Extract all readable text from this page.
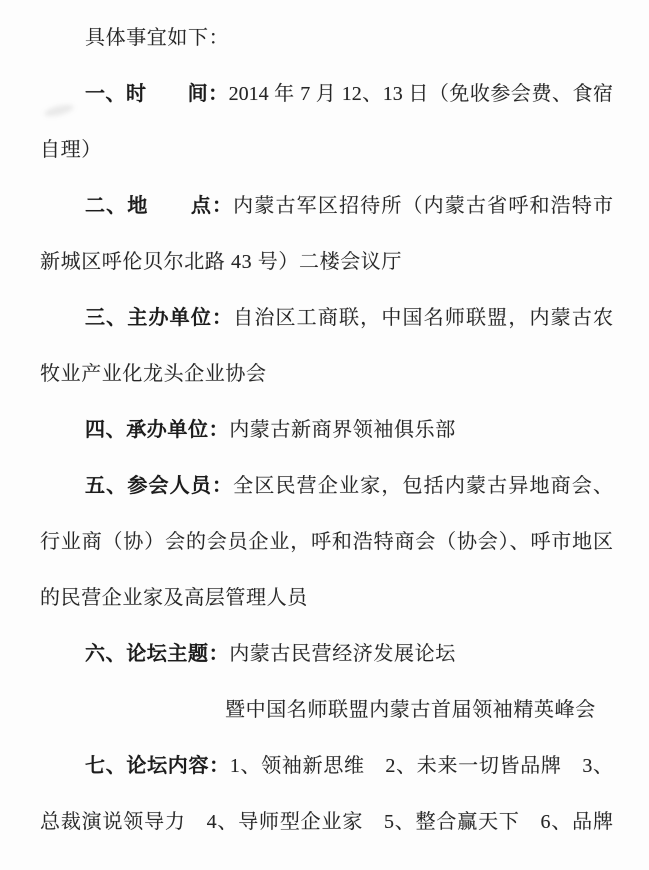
具体事宜如下：
一、时　　间：2014 年 7 月 12、13 日（免收参会费、食宿
自理）
二、地　　点：内蒙古军区招待所（内蒙古省呼和浩特市
新城区呼伦贝尔北路 43 号）二楼会议厅
三、主办单位：自治区工商联，中国名师联盟，内蒙古农
牧业产业化龙头企业协会
四、承办单位：内蒙古新商界领袖俱乐部
五、参会人员：全区民营企业家，包括内蒙古异地商会、
行业商（协）会的会员企业，呼和浩特商会（协会）、呼市地区
的民营企业家及高层管理人员
六、论坛主题：内蒙古民营经济发展论坛
暨中国名师联盟内蒙古首届领袖精英峰会
七、论坛内容：1、领袖新思维　2、未来一切皆品牌　3、
总裁演说领导力　4、导师型企业家　5、整合赢天下　6、品牌
